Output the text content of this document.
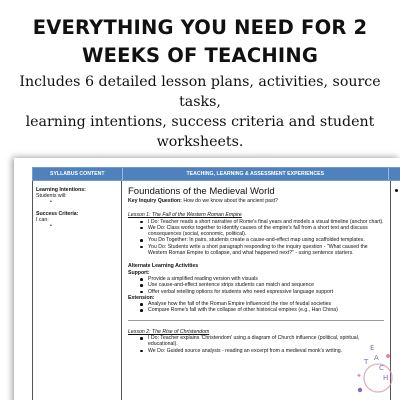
EVERYTHING YOU NEED FOR 2
WEEKS OF TEACHING
Includes 6 detailed lesson plans, activities, source tasks,
learning intentions, success criteria and student
worksheets.
SYLLABUS CONTENT	TEACHING, LEARNING & ASSESSMENT EXPERIENCES
Learning Intentions:
Students will:
•
Success Criteria:
I can:
•
Foundations of the Medieval World
Key Inquiry Question: How do we know about the ancient past?
Lesson 1: The Fall of the Western Roman Empire
I Do: Teacher reads a short narrative of Rome's final years and models a visual timeline (anchor chart).
We Do: Class works together to identify causes of the empire's fall from a short text and discuss consequences (social, economic, political).
You Do Together: In pairs, students create a cause-and-effect map using scaffolded templates.
You Do: Students write a short paragraph responding to the inquiry question - "What caused the Western Roman Empire to collapse, and what happened next?" - using sentence starters.
Alternate Learning Activities
Support:
Provide a simplified reading version with visuals
Use cause-and-effect sentence strips students can match and sequence
Offer verbal retelling options for students who need expressive language support
Extension:
Analyse how the fall of the Roman Empire influenced the rise of feudal societies
Compare Rome's fall with the collapse of other historical empires (e.g., Han China)
Lesson 2: The Rise of Christendom
I Do: Teacher explains 'Christendom' using a diagram of Church influence (political, spiritual, educational).
We Do: Guided source analysis - reading an excerpt from a medieval monk's writing.	E
A
C
H
T
✦
